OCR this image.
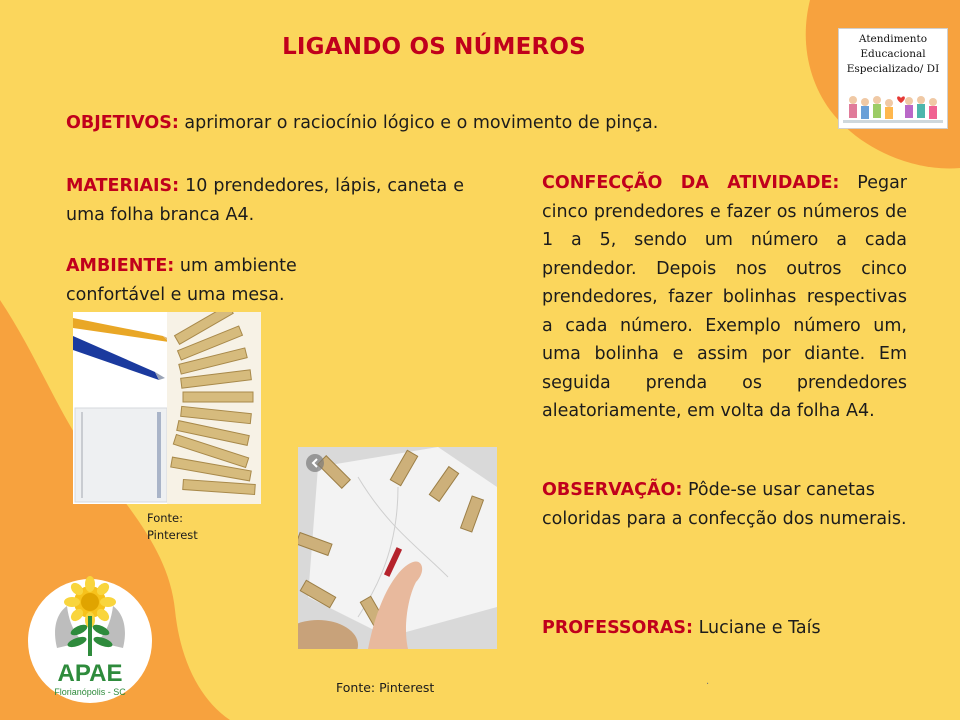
LIGANDO OS NÚMEROS
OBJETIVOS: aprimorar o raciocínio lógico e o movimento de pinça.
MATERIAIS: 10 prendedores, lápis, caneta e uma folha branca A4.
AMBIENTE: um ambiente confortável e uma mesa.
CONFECÇÃO DA ATIVIDADE: Pegar cinco prendedores e fazer os números de 1 a 5, sendo um número a cada prendedor. Depois nos outros cinco prendedores, fazer bolinhas respectivas a cada número. Exemplo número um, uma bolinha e assim por diante. Em seguida prenda os prendedores aleatoriamente, em volta da folha A4.
OBSERVAÇÃO: Pôde-se usar canetas coloridas para a confecção dos numerais.
PROFESSORAS: Luciane e Taís
Fonte: Pinterest
Fonte: Pinterest
Atendimento
Educacional
Especializado/ DI
APAE
Florianópolis - SC
.
